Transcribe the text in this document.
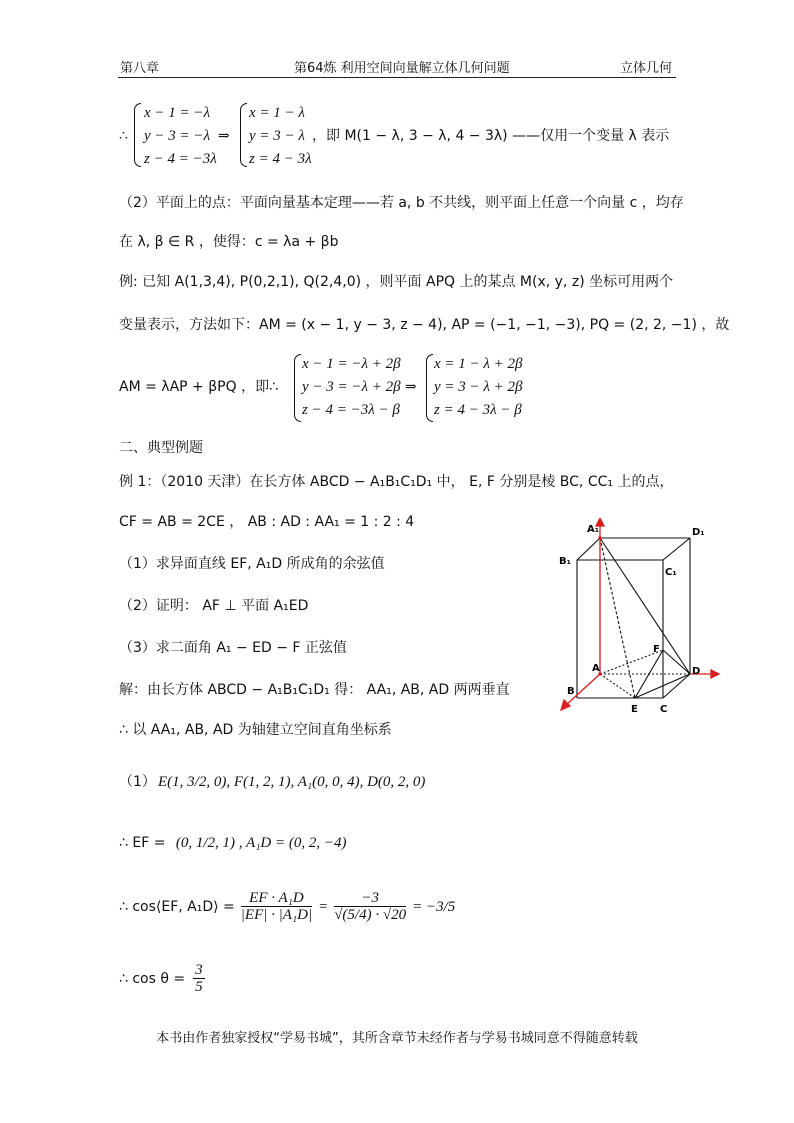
第八章	第64炼 利用空间向量解立体几何问题	立体几何
∴
x − 1 = −λ
y − 3 = −λ
z − 4 = −3λ
⇒
x = 1 − λ
y = 3 − λ
z = 4 − 3λ
，即 M(1 − λ, 3 − λ, 4 − 3λ) ——仅用一个变量 λ 表示
（2）平面上的点：平面向量基本定理——若 a, b 不共线，则平面上任意一个向量 c ，均存
在 λ, β ∈ R ，使得：c = λa + βb
例: 已知 A(1,3,4), P(0,2,1), Q(2,4,0) ，则平面 APQ 上的某点 M(x, y, z) 坐标可用两个
变量表示，方法如下：AM = (x − 1, y − 3, z − 4), AP = (−1, −1, −3), PQ = (2, 2, −1) ，故
AM = λAP + βPQ ，即∴
x − 1 = −λ + 2β
y − 3 = −λ + 2β
z − 4 = −3λ − β
⇒
x = 1 − λ + 2β
y = 3 − λ + 2β
z = 4 − 3λ − β
二、典型例题
例 1：（2010 天津）在长方体 ABCD − A₁B₁C₁D₁ 中， E, F 分别是棱 BC, CC₁ 上的点，
CF = AB = 2CE ， AB : AD : AA₁ = 1 : 2 : 4
（1）求异面直线 EF, A₁D 所成角的余弦值
（2）证明： AF ⊥ 平面 A₁ED
（3）求二面角 A₁ − ED − F 正弦值
解：由长方体 ABCD − A₁B₁C₁D₁ 得： AA₁, AB, AD 两两垂直
∴ 以 AA₁, AB, AD 为轴建立空间直角坐标系
（1） E(1, 3/2, 0), F(1, 2, 1), A₁(0, 0, 4), D(0, 2, 0)
∴ EF = (0, 1/2, 1) , A₁D = (0, 2, −4)
∴ cos⟨EF, A₁D⟩ = $\frac{\text{EF · A₁D}}{\text{|EF| · |A₁D|}} = \frac{-3}{√(5/4) \cdot √20} = -3/5$
∴ $\cos \theta = \frac{3}{5}$
A₁	D₁
B₁
C₁
F
A	D
B
E C
本书由作者独家授权“学易书城”，其所含章节未经作者与学易书城同意不得随意转载
